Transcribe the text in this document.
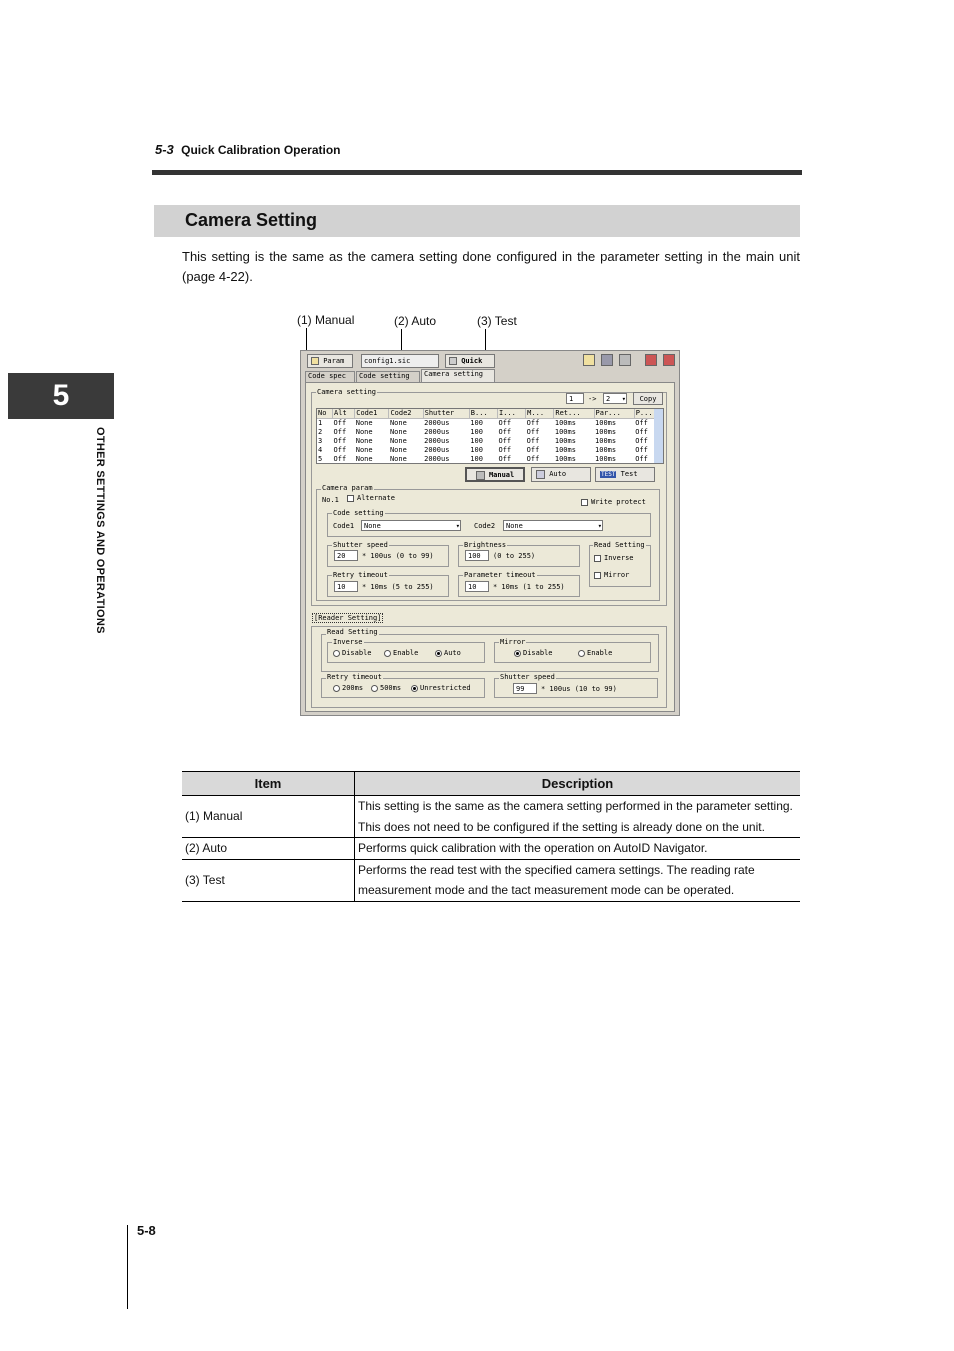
5-3 Quick Calibration Operation
5
OTHER SETTINGS AND OPERATIONS
Camera Setting
This setting is the same as the camera setting done configured in the parameter setting in the main unit (page 4-22).
(1) Manual	(2) Auto	(3) Test
Param	config1.sic	Quick
Code spec	Code setting	Camera setting
Camera setting
1	->	2 ▾	Copy
No	Alt	Code1	Code2	Shutter	B...	I...	M...	Ret...	Par...	P...
1	Off	None	None	2000us	100	Off	Off	100ms	100ms	Off
2	Off	None	None	2000us	100	Off	Off	100ms	100ms	Off
3	Off	None	None	2000us	100	Off	Off	100ms	100ms	Off
4	Off	None	None	2000us	100	Off	Off	100ms	100ms	Off
5	Off	None	None	2000us	100	Off	Off	100ms	100ms	Off
Manual	Auto	TEST Test
Camera param
No.1	Alternate	Write protect
Code setting
Code1	None	▾ Code2	None	▾
Shutter speed
20	* 100us (0 to 99)
Brightness
100	(0 to 255)
Read Setting
Inverse
Mirror
Retry timeout
10	* 10ms (5 to 255)
Parameter timeout
10	* 10ms (1 to 255)
[Reader Setting]
Read Setting
Inverse
Disable	Enable	Auto
Mirror
Disable	Enable
Retry timeout
200ms	500ms	Unrestricted
Shutter speed
99	* 100us (10 to 99)
Item	Description
(1) Manual	This setting is the same as the camera setting performed in the parameter setting. This does not need to be configured if the setting is already done on the unit.
(2) Auto	Performs quick calibration with the operation on AutoID Navigator.
(3) Test	Performs the read test with the specified camera settings. The reading rate measurement mode and the tact measurement mode can be operated.
5-8
